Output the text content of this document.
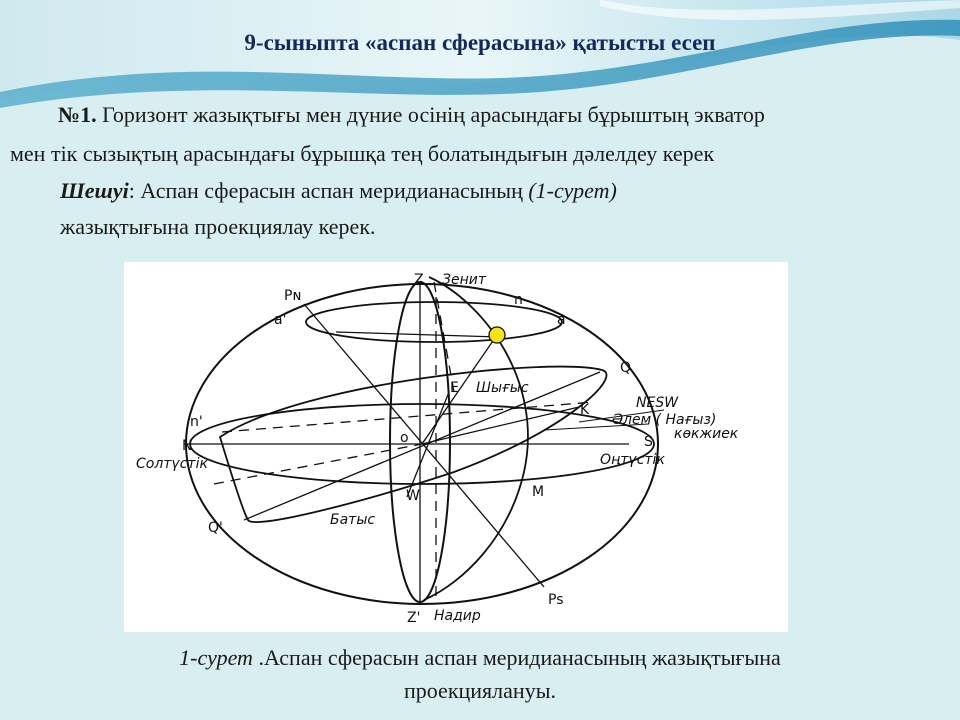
9-сыныпта «аспан сферасына» қатысты есеп
№1. Горизонт жазықтығы мен дүние осінің арасындағы бұрыштың экватор
мен тік сызықтың арасындағы бұрышқа тең болатындығын дәлелдеу керек
Шешуі: Аспан сферасын аспан меридианасының (1-сурет)
жазықтығына проекциялау керек.
Z Зенит
Pɴ	n
a'	a
Q
E Шығыс
NESW
K
n'	Әлем ( Нағыз)
N	o	S көкжиек
Солтүстік	Оңтүстік
W	M
Q'	Батыс
Ps
Z' Надир
1-сурет .Аспан сферасын аспан меридианасының жазықтығына
проекциялануы.
